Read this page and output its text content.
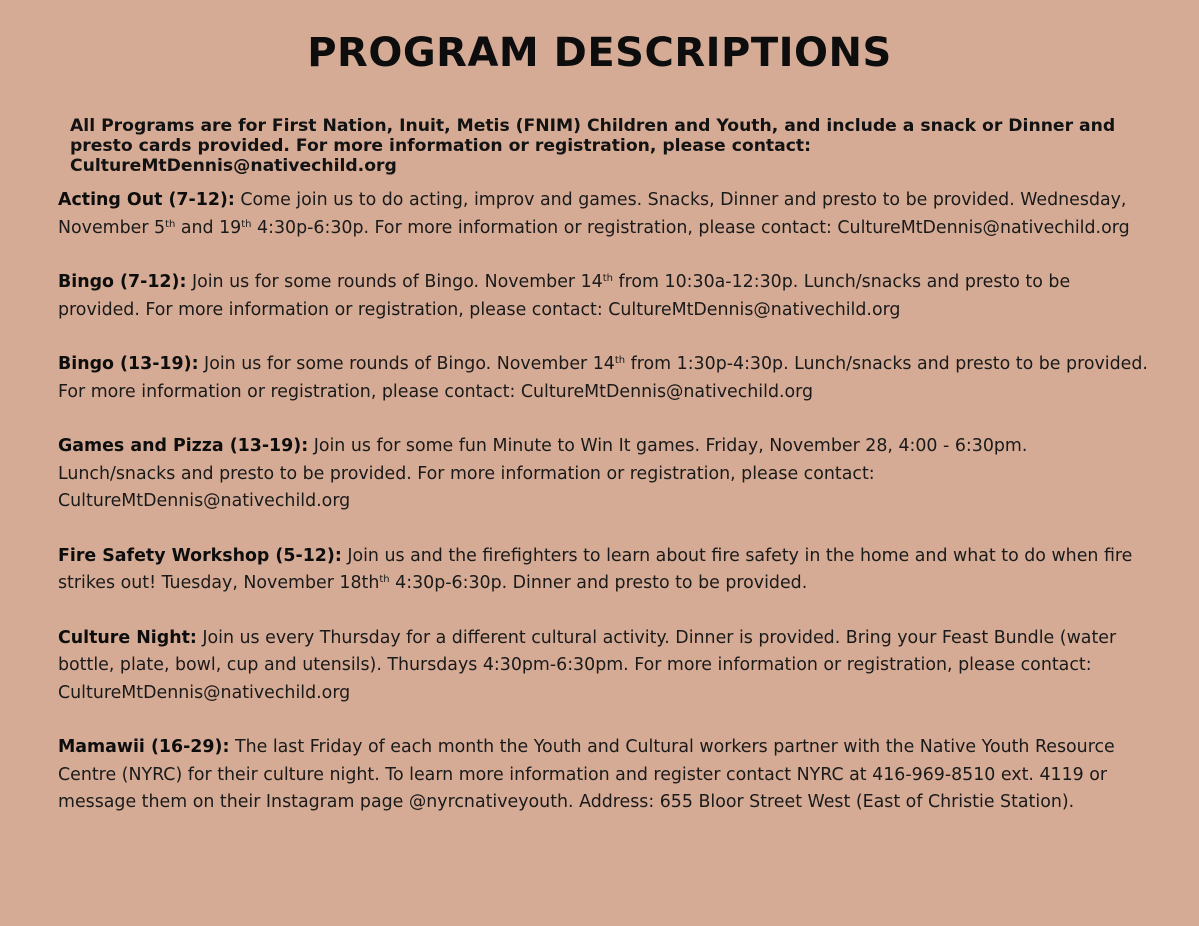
PROGRAM DESCRIPTIONS

All Programs are for First Nation, Inuit, Metis (FNIM) Children and Youth, and include a snack or Dinner and presto cards provided. For more information or registration, please contact: CultureMtDennis@nativechild.org

Acting Out (7-12): Come join us to do acting, improv and games. Snacks, Dinner and presto to be provided. Wednesday, November 5th and 19th 4:30p-6:30p. For more information or registration, please contact: CultureMtDennis@nativechild.org

Bingo (7-12): Join us for some rounds of Bingo. November 14th from 10:30a-12:30p. Lunch/snacks and presto to be provided. For more information or registration, please contact: CultureMtDennis@nativechild.org

Bingo (13-19): Join us for some rounds of Bingo. November 14th from 1:30p-4:30p. Lunch/snacks and presto to be provided. For more information or registration, please contact: CultureMtDennis@nativechild.org

Games and Pizza (13-19): Join us for some fun Minute to Win It games. Friday, November 28, 4:00 - 6:30pm. Lunch/snacks and presto to be provided. For more information or registration, please contact: CultureMtDennis@nativechild.org

Fire Safety Workshop (5-12): Join us and the firefighters to learn about fire safety in the home and what to do when fire strikes out! Tuesday, November $18th^{th}$ 4:30p-6:30p. Dinner and presto to be provided.

Culture Night: Join us every Thursday for a different cultural activity. Dinner is provided. Bring your Feast Bundle (water bottle, plate, bowl, cup and utensils). Thursdays 4:30pm-6:30pm. For more information or registration, please contact: CultureMtDennis@nativechild.org

Mamawii (16-29): The last Friday of each month the Youth and Cultural workers partner with the Native Youth Resource Centre (NYRC) for their culture night. To learn more information and register contact NYRC at 416-969-8510 ext. 4119 or message them on their Instagram page @nyrcnativeyouth. Address: 655 Bloor Street West (East of Christie Station).
